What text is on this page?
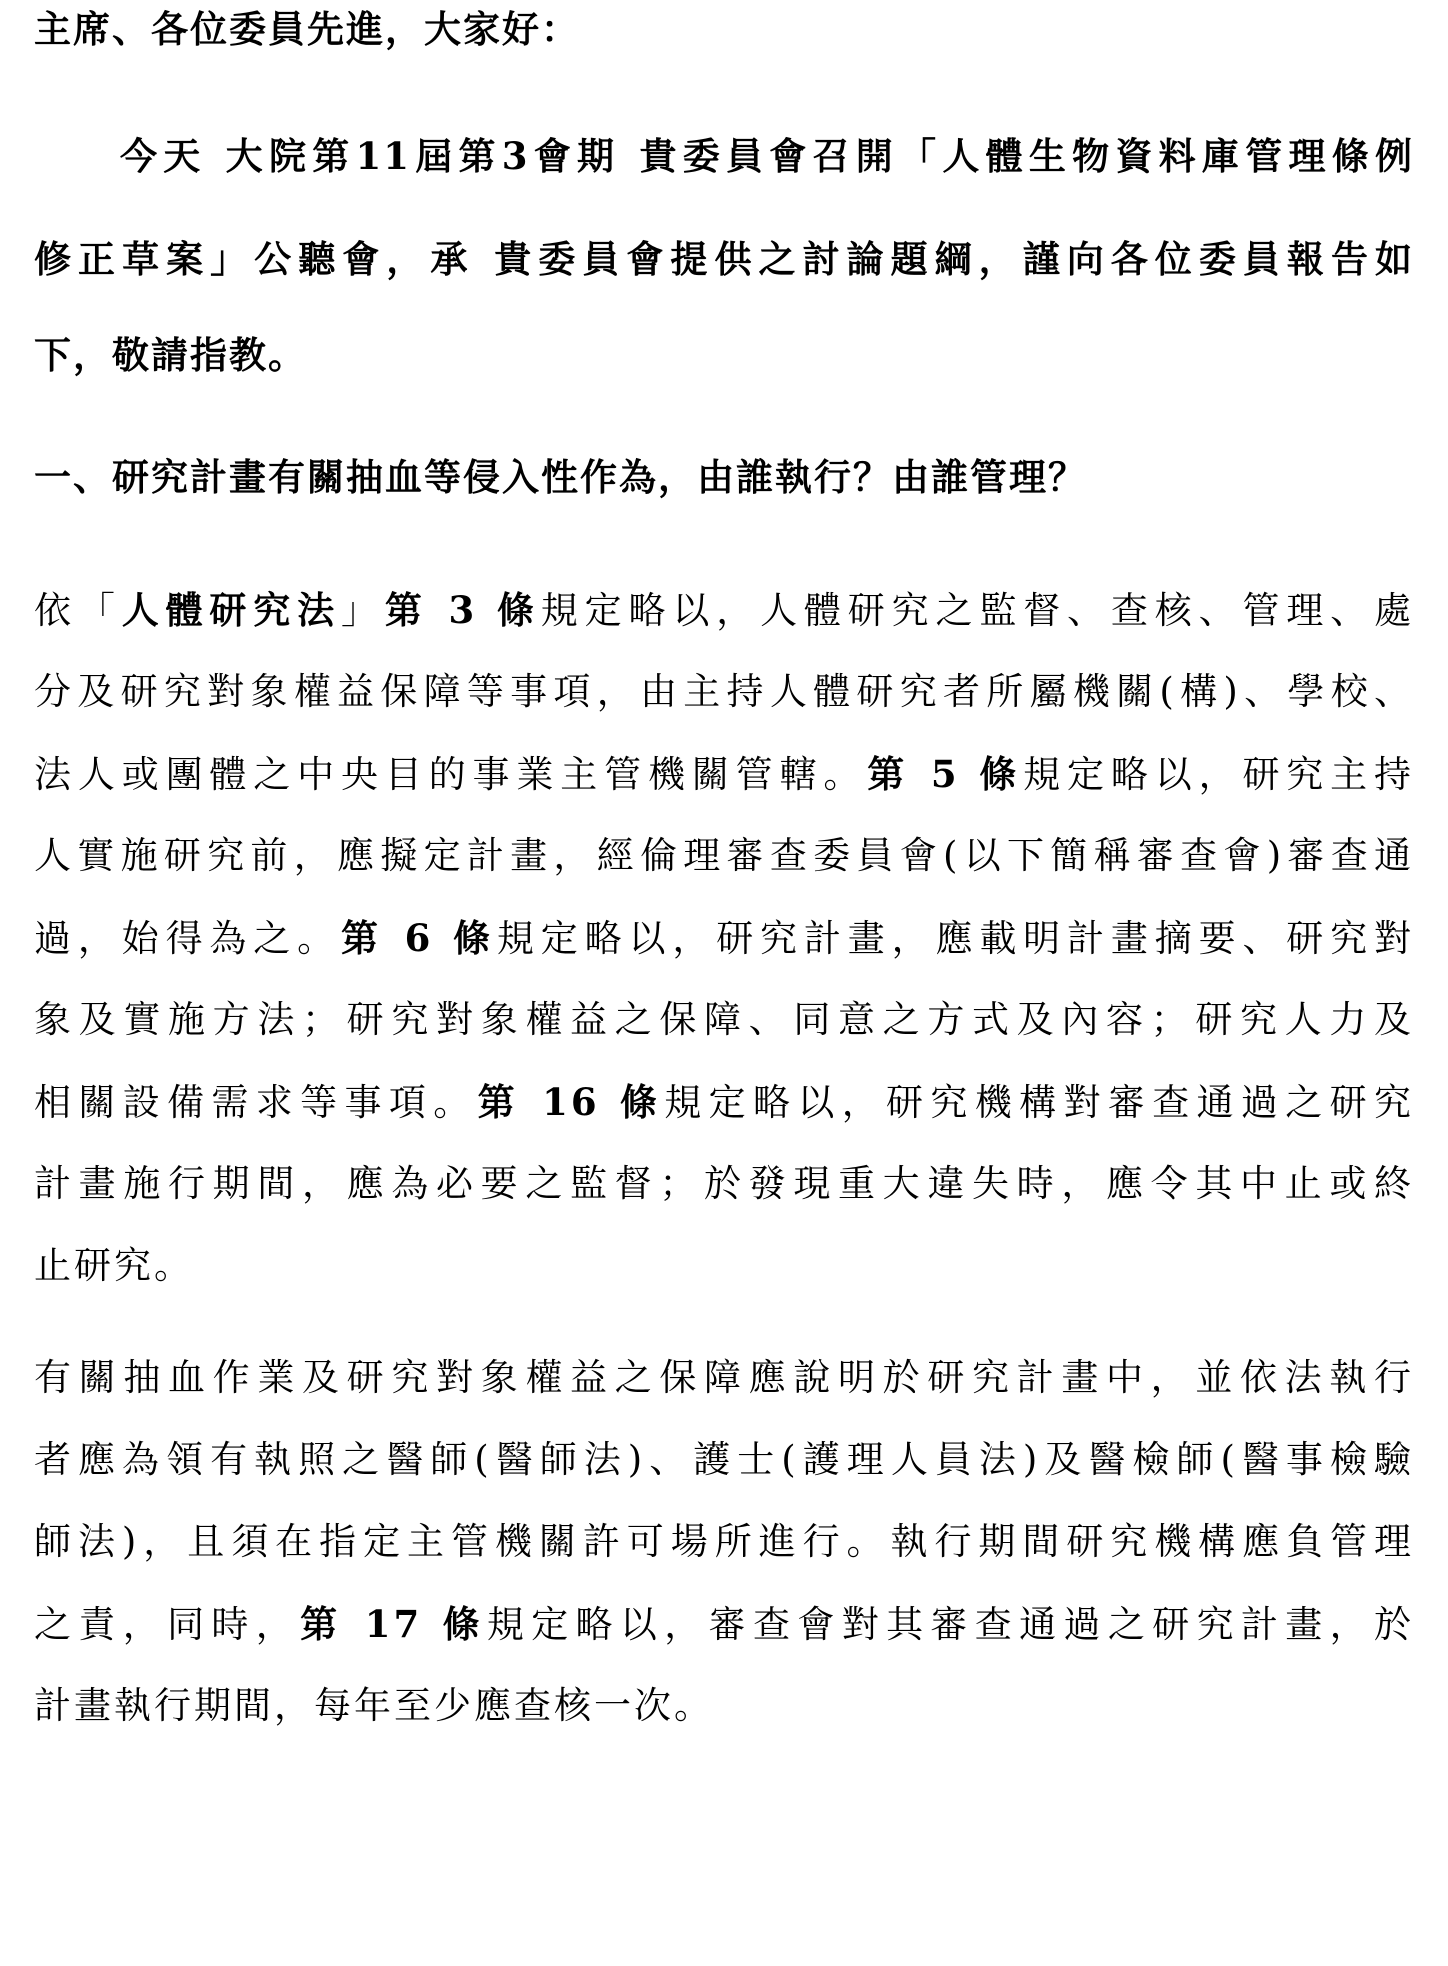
主席、各位委員先進，大家好：
今天 大院第11屆第3會期 貴委員會召開「人體生物資料庫管理條例
修正草案」公聽會，承 貴委員會提供之討論題綱，謹向各位委員報告如
下，敬請指教。
一、研究計畫有關抽血等侵入性作為，由誰執行？由誰管理？
依「人體研究法」第 3 條規定略以，人體研究之監督、查核、管理、處
分及研究對象權益保障等事項，由主持人體研究者所屬機關(構)、學校、
法人或團體之中央目的事業主管機關管轄。第 5 條規定略以，研究主持
人實施研究前，應擬定計畫，經倫理審查委員會(以下簡稱審查會)審查通
過，始得為之。第 6 條規定略以，研究計畫，應載明計畫摘要、研究對
象及實施方法；研究對象權益之保障、同意之方式及內容；研究人力及
相關設備需求等事項。第 16 條規定略以，研究機構對審查通過之研究
計畫施行期間，應為必要之監督；於發現重大違失時，應令其中止或終
止研究。
有關抽血作業及研究對象權益之保障應說明於研究計畫中，並依法執行
者應為領有執照之醫師(醫師法)、護士(護理人員法)及醫檢師(醫事檢驗
師法)，且須在指定主管機關許可場所進行。執行期間研究機構應負管理
之責，同時，第 17 條規定略以，審查會對其審查通過之研究計畫，於
計畫執行期間，每年至少應查核一次。
